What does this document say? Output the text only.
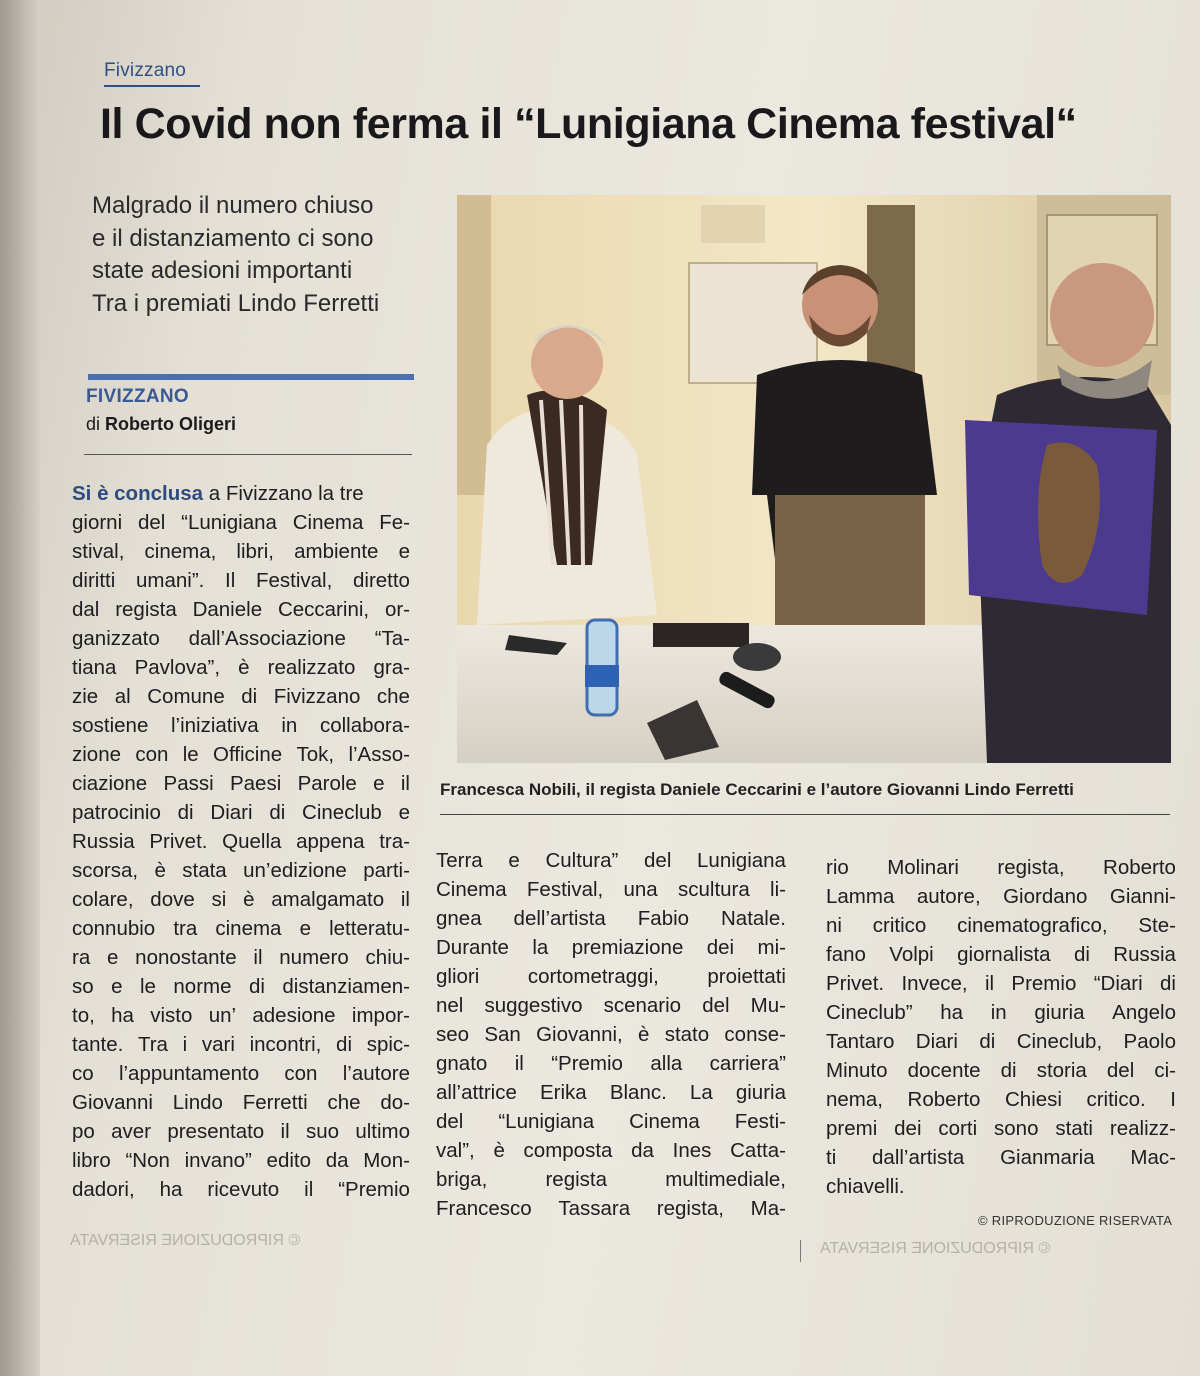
© RIPRODUZIONE RISERVATA	© RIPRODUZIONE RISERVATA
Fivizzano
Il Covid non ferma il “Lunigiana Cinema festival“
Malgrado il numero chiuso
e il distanziamento ci sono
state adesioni importanti
Tra i premiati Lindo Ferretti
FIVIZZANO
di Roberto Oligeri
Si è conclusa a Fivizzano la tre
giorni del “Lunigiana Cinema Fe-
stival, cinema, libri, ambiente e
diritti umani”. Il Festival, diretto
dal regista Daniele Ceccarini, or-
ganizzato dall’Associazione “Ta-
tiana Pavlova”, è realizzato gra-
zie al Comune di Fivizzano che
sostiene l’iniziativa in collabora-
zione con le Officine Tok, l’Asso-
ciazione Passi Paesi Parole e il
patrocinio di Diari di Cineclub e
Russia Privet. Quella appena tra-
scorsa, è stata un’edizione parti-
colare, dove si è amalgamato il
connubio tra cinema e letteratu-
ra e nonostante il numero chiu-
so e le norme di distanziamen-
to, ha visto un’ adesione impor-
tante. Tra i vari incontri, di spic-
co l’appuntamento con l’autore
Giovanni Lindo Ferretti che do-
po aver presentato il suo ultimo
libro “Non invano” edito da Mon-
dadori, ha ricevuto il “Premio
Francesca Nobili, il regista Daniele Ceccarini e l’autore Giovanni Lindo Ferretti
Terra e Cultura” del Lunigiana
Cinema Festival, una scultura li-
gnea dell’artista Fabio Natale.
Durante la premiazione dei mi-
gliori cortometraggi, proiettati
nel suggestivo scenario del Mu-
seo San Giovanni, è stato conse-
gnato il “Premio alla carriera”
all’attrice Erika Blanc. La giuria
del “Lunigiana Cinema Festi-
val”, è composta da Ines Catta-
briga,	regista	multimediale,
Francesco Tassara regista, Ma-
rio Molinari regista, Roberto
Lamma autore, Giordano Gianni-
ni critico cinematografico, Ste-
fano Volpi giornalista di Russia
Privet. Invece, il Premio “Diari di
Cineclub” ha in giuria Angelo
Tantaro Diari di Cineclub, Paolo
Minuto docente di storia del ci-
nema, Roberto Chiesi critico. I
premi dei corti sono stati realizz-
ti dall’artista Gianmaria Mac-
chiavelli.
© RIPRODUZIONE RISERVATA
